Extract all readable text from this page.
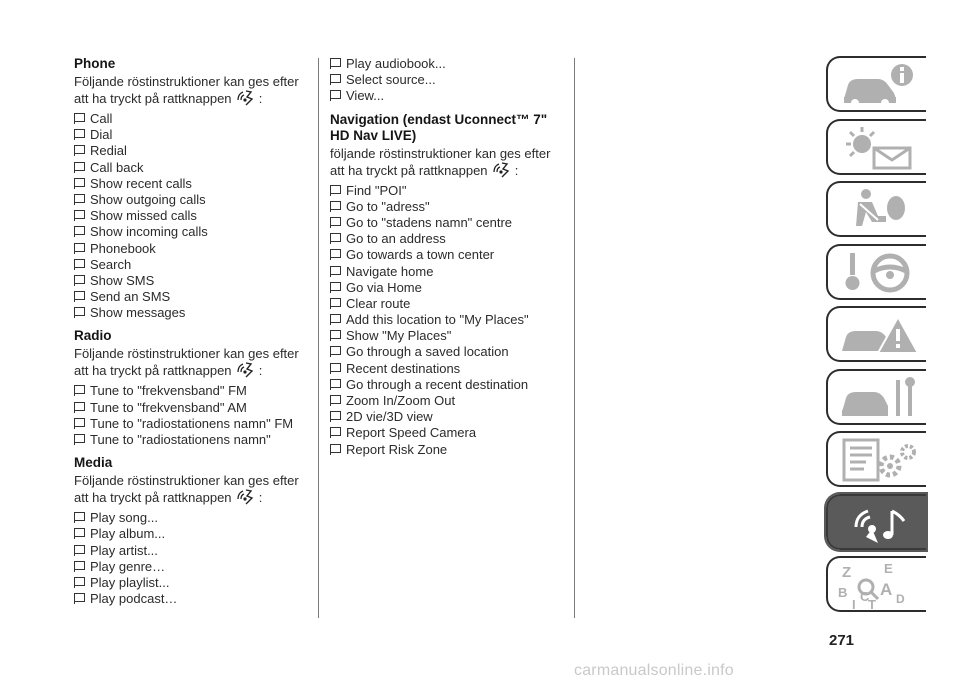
Phone

Följande röstinstruktioner kan ges efter att ha tryckt på rattknappen :

Call
Dial
Redial
Call back
Show recent calls
Show outgoing calls
Show missed calls
Show incoming calls
Phonebook
Search
Show SMS
Send an SMS
Show messages
Radio

Följande röstinstruktioner kan ges efter att ha tryckt på rattknappen :

Tune to "frekvensband" FM
Tune to "frekvensband" AM
Tune to "radiostationens namn" FM
Tune to "radiostationens namn"
Media

Följande röstinstruktioner kan ges efter att ha tryckt på rattknappen :

Play song...
Play album...
Play artist...
Play genre…
Play playlist...
Play podcast…
Play audiobook...
Select source...
View...
Navigation (endast Uconnect™ 7" HD Nav LIVE)

följande röstinstruktioner kan ges efter att ha tryckt på rattknappen :

Find "POI"
Go to "adress"
Go to "stadens namn" centre
Go to an address
Go towards a town center
Navigate home
Go via Home
Clear route
Add this location to "My Places"
Show "My Places"
Go through a saved location
Recent destinations
Go through a recent destination
Zoom In/Zoom Out
2D vie/3D view
Report Speed Camera
Report Risk Zone
Z	E
B A
I
C
T D
271
carmanualsonline.info
